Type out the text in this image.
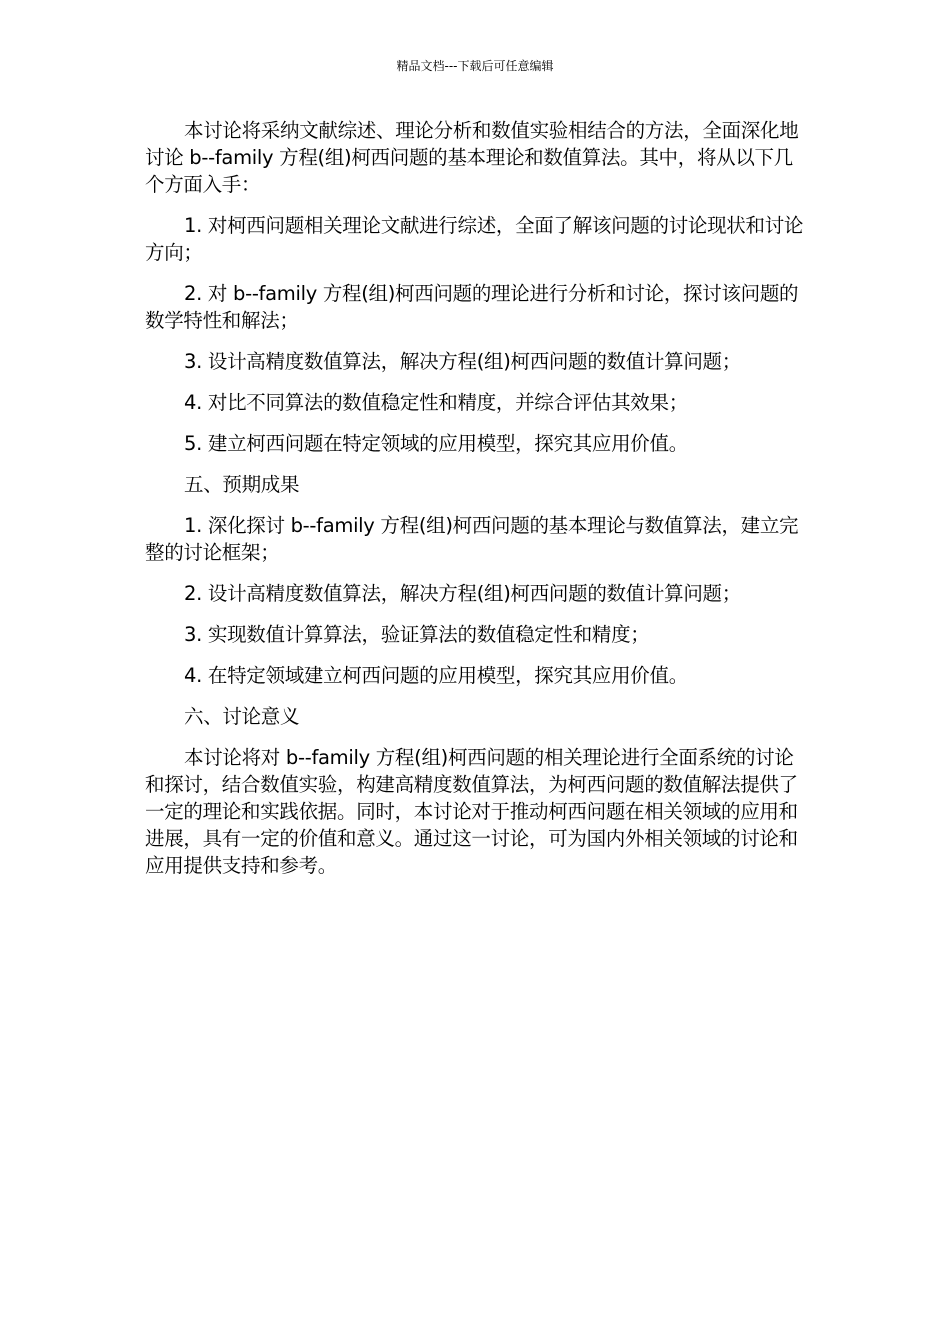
精品文档---下载后可任意编辑

本讨论将采纳文献综述、理论分析和数值实验相结合的方法，全面深化地讨论 b--family 方程(组)柯西问题的基本理论和数值算法。其中，将从以下几个方面入手：

1. 对柯西问题相关理论文献进行综述，全面了解该问题的讨论现状和讨论方向；

2. 对 b--family 方程(组)柯西问题的理论进行分析和讨论，探讨该问题的数学特性和解法；

3. 设计高精度数值算法，解决方程(组)柯西问题的数值计算问题；

4. 对比不同算法的数值稳定性和精度，并综合评估其效果；

5. 建立柯西问题在特定领域的应用模型，探究其应用价值。

五、预期成果

1. 深化探讨 b--family 方程(组)柯西问题的基本理论与数值算法，建立完整的讨论框架；

2. 设计高精度数值算法，解决方程(组)柯西问题的数值计算问题；

3. 实现数值计算算法，验证算法的数值稳定性和精度；

4. 在特定领域建立柯西问题的应用模型，探究其应用价值。

六、讨论意义

本讨论将对 b--family 方程(组)柯西问题的相关理论进行全面系统的讨论和探讨，结合数值实验，构建高精度数值算法，为柯西问题的数值解法提供了一定的理论和实践依据。同时，本讨论对于推动柯西问题在相关领域的应用和进展，具有一定的价值和意义。通过这一讨论，可为国内外相关领域的讨论和应用提供支持和参考。
